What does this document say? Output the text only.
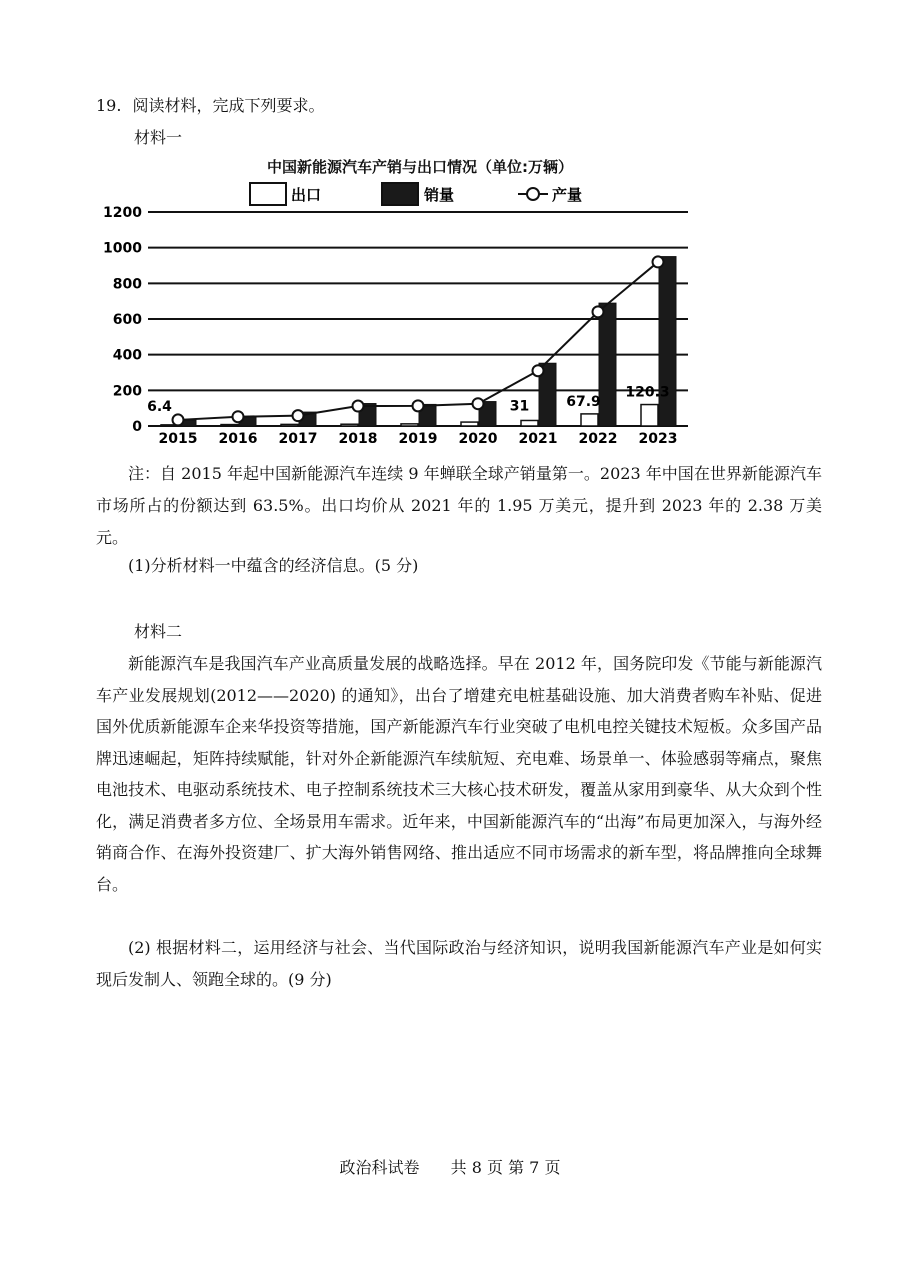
19. 阅读材料，完成下列要求。
材料一
中国新能源汽车产销与出口情况（单位:万辆）
出口	销量	产量
0
200
400
600
800
1000
1200
6.4	31	67.9
120.3
2015 2016 2017 2018 2019 2020 2021 2022 2023
注：自 2015 年起中国新能源汽车连续 9 年蝉联全球产销量第一。2023 年中国在世界新能源汽车市场所占的份额达到 63.5%。出口均价从 2021 年的 1.95 万美元，提升到 2023 年的 2.38 万美元。
(1)分析材料一中蕴含的经济信息。(5 分)
材料二
新能源汽车是我国汽车产业高质量发展的战略选择。早在 2012 年，国务院印发《节能与新能源汽车产业发展规划(2012——2020) 的通知》，出台了增建充电桩基础设施、加大消费者购车补贴、促进国外优质新能源车企来华投资等措施，国产新能源汽车行业突破了电机电控关键技术短板。众多国产品牌迅速崛起，矩阵持续赋能，针对外企新能源汽车续航短、充电难、场景单一、体验感弱等痛点，聚焦电池技术、电驱动系统技术、电子控制系统技术三大核心技术研发，覆盖从家用到豪华、从大众到个性化，满足消费者多方位、全场景用车需求。近年来，中国新能源汽车的“出海”布局更加深入，与海外经销商合作、在海外投资建厂、扩大海外销售网络、推出适应不同市场需求的新车型，将品牌推向全球舞台。
(2) 根据材料二，运用经济与社会、当代国际政治与经济知识，说明我国新能源汽车产业是如何实现后发制人、领跑全球的。(9 分)
政治科试卷 共 8 页 第 7 页
